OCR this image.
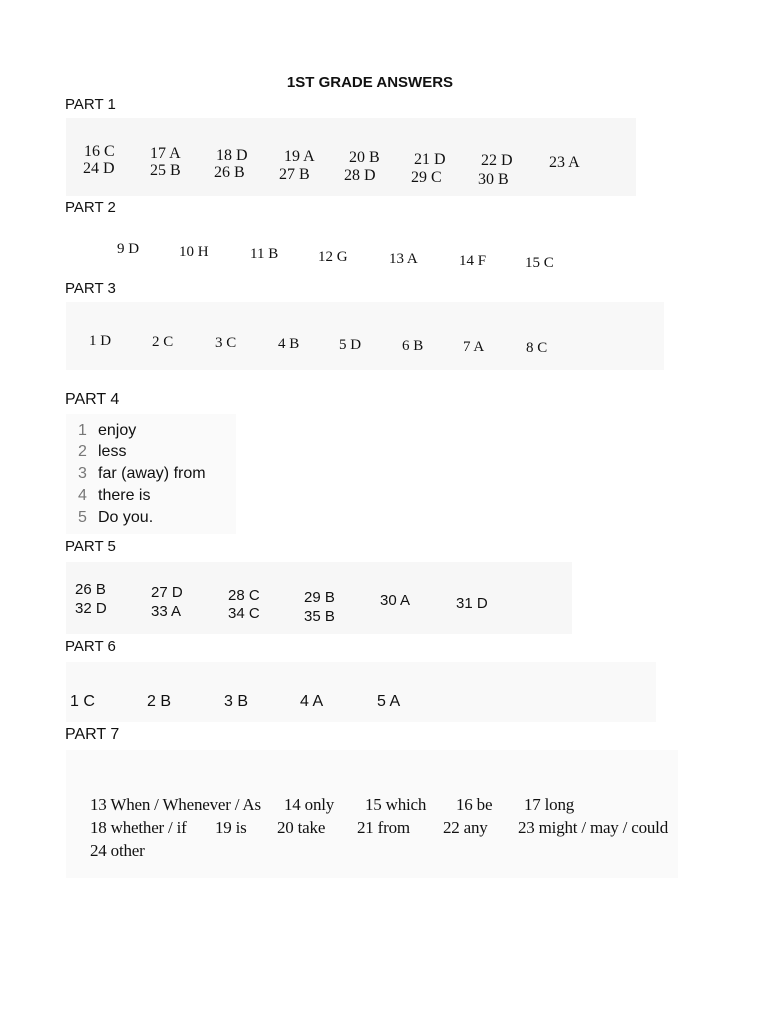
1ST GRADE ANSWERS
PART 1
16 C 17 A 18 D 19 A 20 B 21 D 22 D 23 A
24 D 25 B 26 B 27 B 28 D 29 C 30 B
PART 2
9 D	10 H	11 B	12 G	13 A	14 F	15 C
PART 3
1 D	2 C	3 C	4 B	5 D	6 B	7 A	8 C
PART 4
1 enjoy
2 less
3 far (away) from
4 there is
5 Do you.
PART 5
26 B	27 D	28 C	29 B	30 A	31 D
32 D	33 A	34 C	35 B
PART 6
1 C	2 B	3 B	4 A	5 A
PART 7
13 When / Whenever / As 14 only 15 which 16 be 17 long
18 whether / if 19 is 20 take 21 from 22 any 23 might / may / could
24 other
